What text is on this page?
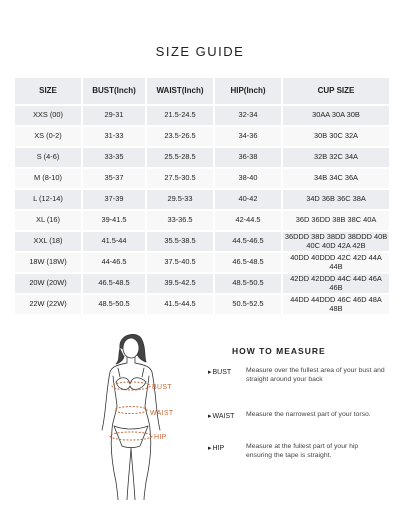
SIZE GUIDE
SIZE	BUST(Inch)	WAIST(Inch)	HIP(Inch)	CUP SIZE
XXS (00)	29-31	21.5-24.5	32-34	30AA 30A 30B
XS (0-2)	31-33	23.5-26.5	34-36	30B 30C 32A
S (4-6)	33-35	25.5-28.5	36-38	32B 32C 34A
M (8-10)	35-37	27.5-30.5	38-40	34B 34C 36A
L (12-14)	37-39	29.5-33	40-42	34D 36B 36C 38A
XL (16)	39-41.5	33-36.5	42-44.5	36D 36DD 38B 38C 40A
XXL (18)	41.5-44	35.5-38.5	44.5-46.5	36DDD 38D 38DD 38DDD 40B 40C 40D 42A 42B
18W (18W)	44-46.5	37.5-40.5	46.5-48.5	40DD 40DDD 42C 42D 44A 44B
20W (20W)	46.5-48.5	39.5-42.5	48.5-50.5	42DD 42DDD 44C 44D 46A 46B
22W (22W)	48.5-50.5	41.5-44.5	50.5-52.5	44DD 44DDD 46C 46D 48A 48B
BUST
WAIST
HIP
HOW TO MEASURE
▸ BUST Measure over the fullest area of your bust and straight around your back
▸ WAIST Measure the narrowest part of your torso.
▸ HIP	Measure at the fullest part of your hip ensuring the tape is straight.
